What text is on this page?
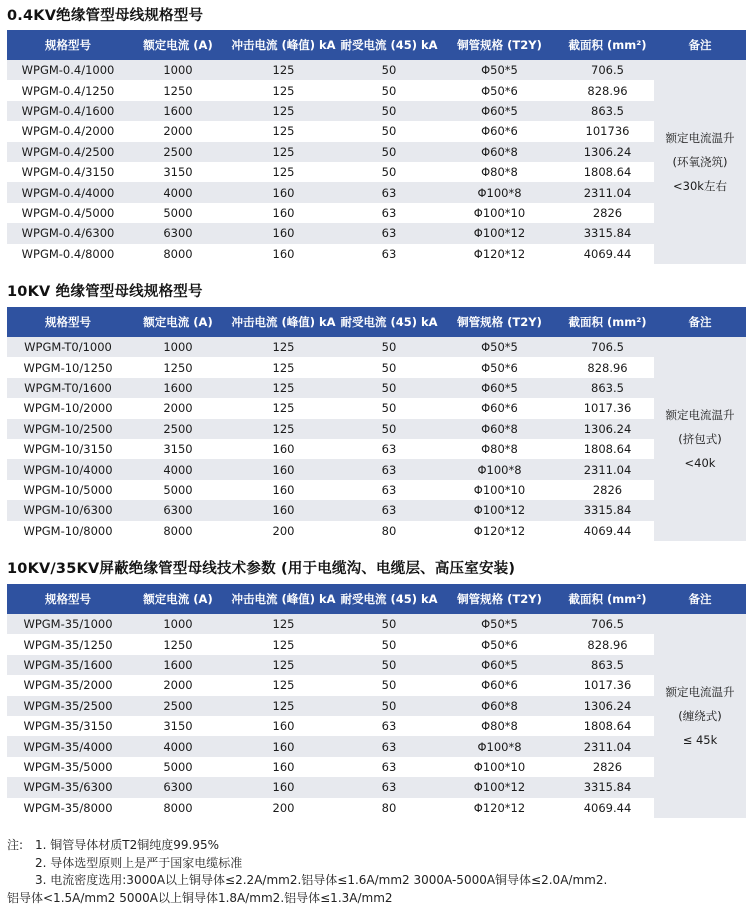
0.4KV绝缘管型母线规格型号
规格型号	额定电流 (A)	冲击电流 (峰值) kA	耐受电流 (45) kA	铜管规格 (T2Y)	截面积 (mm²)	备注
WPGM-0.4/1000	1000	125	50	Φ50*5	706.5	额定电流温升
(环氧浇筑)
<30k左右

WPGM-0.4/1250	1250	125	50	Φ50*6	828.96	
WPGM-0.4/1600	1600	125	50	Φ60*5	863.5	
WPGM-0.4/2000	2000	125	50	Φ60*6	101736	
WPGM-0.4/2500	2500	125	50	Φ60*8	1306.24	
WPGM-0.4/3150	3150	125	50	Φ80*8	1808.64	
WPGM-0.4/4000	4000	160	63	Φ100*8	2311.04	
WPGM-0.4/5000	5000	160	63	Φ100*10	2826	
WPGM-0.4/6300	6300	160	63	Φ100*12	3315.84	
WPGM-0.4/8000	8000	160	63	Φ120*12	4069.44	
10KV 绝缘管型母线规格型号
规格型号	额定电流 (A)	冲击电流 (峰值) kA	耐受电流 (45) kA	铜管规格 (T2Y)	截面积 (mm²)	备注
WPGM-T0/1000	1000	125	50	Φ50*5	706.5	额定电流温升
(挤包式)
<40k

WPGM-10/1250	1250	125	50	Φ50*6	828.96	
WPGM-T0/1600	1600	125	50	Φ60*5	863.5	
WPGM-10/2000	2000	125	50	Φ60*6	1017.36	
WPGM-10/2500	2500	125	50	Φ60*8	1306.24	
WPGM-10/3150	3150	160	63	Φ80*8	1808.64	
WPGM-10/4000	4000	160	63	Φ100*8	2311.04	
WPGM-10/5000	5000	160	63	Φ100*10	2826	
WPGM-10/6300	6300	160	63	Φ100*12	3315.84	
WPGM-10/8000	8000	200	80	Φ120*12	4069.44	
10KV/35KV屏蔽绝缘管型母线技术参数 (用于电缆沟、电缆层、高压室安装)
规格型号	额定电流 (A)	冲击电流 (峰值) kA	耐受电流 (45) kA	铜管规格 (T2Y)	截面积 (mm²)	备注
WPGM-35/1000	1000	125	50	Φ50*5	706.5	额定电流温升
(缠绕式)
≤ 45k

WPGM-35/1250	1250	125	50	Φ50*6	828.96	
WPGM-35/1600	1600	125	50	Φ60*5	863.5	
WPGM-35/2000	2000	125	50	Φ60*6	1017.36	
WPGM-35/2500	2500	125	50	Φ60*8	1306.24	
WPGM-35/3150	3150	160	63	Φ80*8	1808.64	
WPGM-35/4000	4000	160	63	Φ100*8	2311.04	
WPGM-35/5000	5000	160	63	Φ100*10	2826	
WPGM-35/6300	6300	160	63	Φ100*12	3315.84	
WPGM-35/8000	8000	200	80	Φ120*12	4069.44	
注: 1. 铜管导体材质T2铜纯度99.95%
2. 导体选型原则上是严于国家电缆标准
3. 电流密度选用:3000A以上铜导体≤2.2A/mm2.铝导体≤1.6A/mm2 3000A-5000A铜导体≤2.0A/mm2.
铝导体<1.5A/mm2 5000A以上铜导体1.8A/mm2.铝导体≤1.3A/mm2
